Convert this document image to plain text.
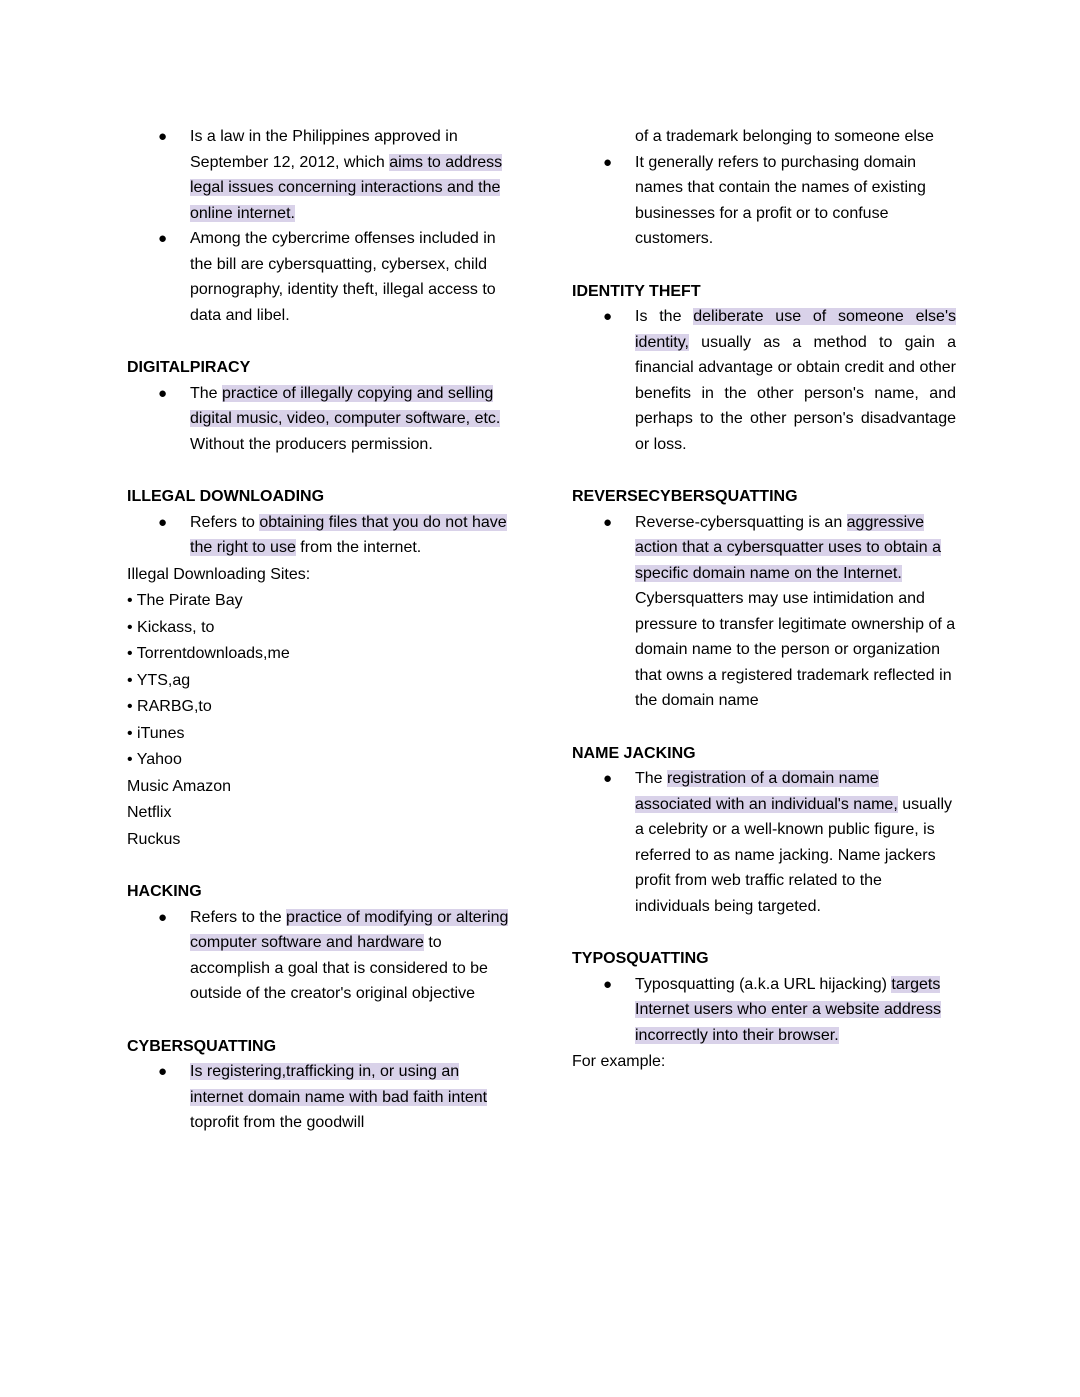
● Is a law in the Philippines approved in September 12, 2012, which aims to address legal issues concerning interactions and the online internet.
● Among the cybercrime offenses included in the bill are cybersquatting, cybersex, child pornography, identity theft, illegal access to data and libel.
DIGITALPIRACY
● The practice of illegally copying and selling digital music, video, computer software, etc. Without the producers permission.
ILLEGAL DOWNLOADING
● Refers to obtaining files that you do not have the right to use from the internet.
Illegal Downloading Sites:
• The Pirate Bay
• Kickass, to
• Torrentdownloads,me
• YTS,ag
• RARBG,to
• iTunes
• Yahoo
Music Amazon
Netflix
Ruckus
HACKING
● Refers to the practice of modifying or altering computer software and hardware to accomplish a goal that is considered to be outside of the creator's original objective
CYBERSQUATTING
● Is registering,trafficking in, or using an internet domain name with bad faith intent toprofit from the goodwill
of a trademark belonging to someone else
● It generally refers to purchasing domain names that contain the names of existing businesses for a profit or to confuse customers.
IDENTITY THEFT
● Is the deliberate use of someone else's identity, usually as a method to gain a financial advantage or obtain credit and other benefits in the other person's name, and perhaps to the other person's disadvantage or loss.
REVERSECYBERSQUATTING
● Reverse-cybersquatting is an aggressive action that a cybersquatter uses to obtain a specific domain name on the Internet. Cybersquatters may use intimidation and pressure to transfer legitimate ownership of a domain name to the person or organization that owns a registered trademark reflected in the domain name
NAME JACKING
● The registration of a domain name associated with an individual's name, usually a celebrity or a well-known public figure, is referred to as name jacking. Name jackers profit from web traffic related to the individuals being targeted.
TYPOSQUATTING
● Typosquatting (a.k.a URL hijacking) targets Internet users who enter a website address incorrectly into their browser.
For example:
